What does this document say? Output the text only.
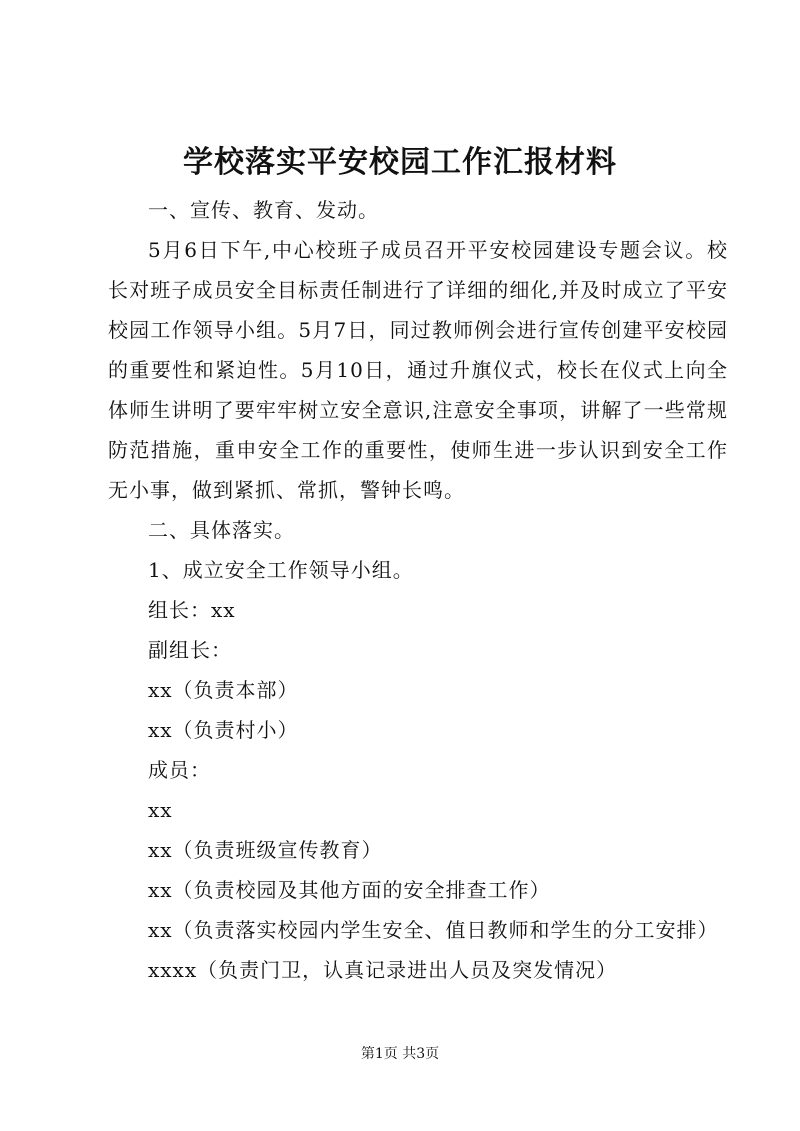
学校落实平安校园工作汇报材料

一、宣传、教育、发动。

5月6日下午,中心校班子成员召开平安校园建设专题会议。校长对班子成员安全目标责任制进行了详细的细化,并及时成立了平安校园工作领导小组。5月7日，同过教师例会进行宣传创建平安校园的重要性和紧迫性。5月10日，通过升旗仪式，校长在仪式上向全体师生讲明了要牢牢树立安全意识,注意安全事项，讲解了一些常规防范措施，重申安全工作的重要性，使师生进一步认识到安全工作无小事，做到紧抓、常抓，警钟长鸣。

二、具体落实。

1、成立安全工作领导小组。

组长：xx

副组长：

xx（负责本部）

xx（负责村小）

成员：

xx

xx（负责班级宣传教育）

xx（负责校园及其他方面的安全排查工作）

xx（负责落实校园内学生安全、值日教师和学生的分工安排）

xxxx（负责门卫，认真记录进出人员及突发情况）

第1页 共3页
